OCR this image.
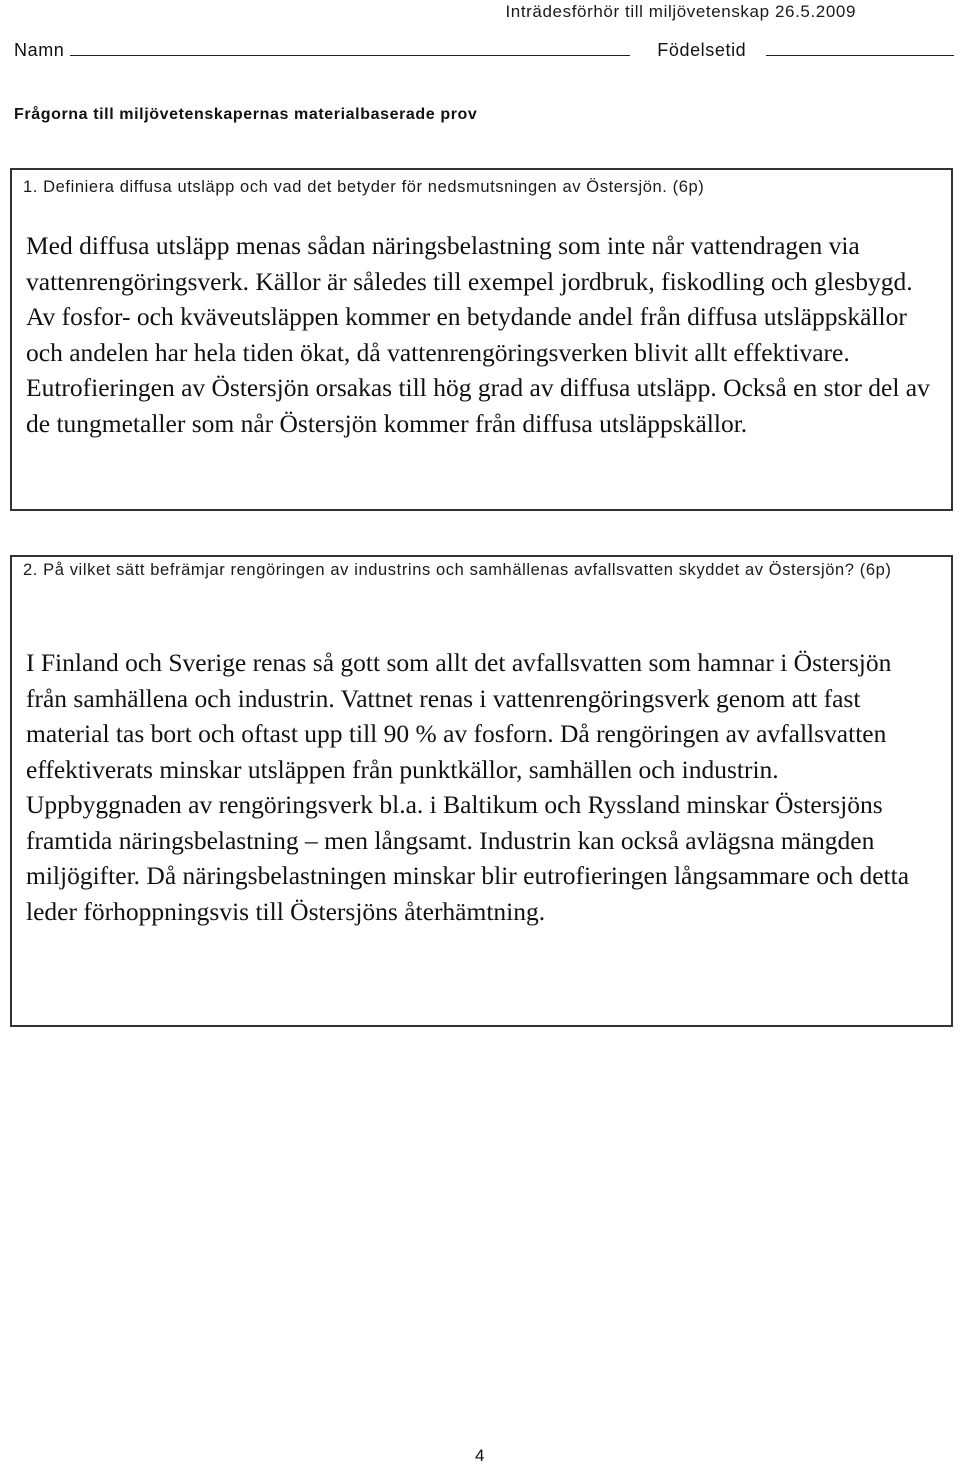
Inträdesförhör till miljövetenskap 26.5.2009
Namn	Födelsetid
Frågorna till miljövetenskapernas materialbaserade prov
1. Definiera diffusa utsläpp och vad det betyder för nedsmutsningen av Östersjön. (6p)
Med diffusa utsläpp menas sådan näringsbelastning som inte når vattendragen via vattenrengöringsverk. Källor är således till exempel jordbruk, fiskodling och glesbygd. Av fosfor- och kväveutsläppen kommer en betydande andel från diffusa utsläppskällor och andelen har hela tiden ökat, då vattenrengöringsverken blivit allt effektivare. Eutrofieringen av Östersjön orsakas till hög grad av diffusa utsläpp. Också en stor del av de tungmetaller som når Östersjön kommer från diffusa utsläppskällor.
2. På vilket sätt befrämjar rengöringen av industrins och samhällenas avfallsvatten skyddet av Östersjön? (6p)
I Finland och Sverige renas så gott som allt det avfallsvatten som hamnar i Östersjön från samhällena och industrin. Vattnet renas i vattenrengöringsverk genom att fast material tas bort och oftast upp till 90 % av fosforn. Då rengöringen av avfallsvatten effektiverats minskar utsläppen från punktkällor, samhällen och industrin. Uppbyggnaden av rengöringsverk bl.a. i Baltikum och Ryssland minskar Östersjöns framtida näringsbelastning – men långsamt. Industrin kan också avlägsna mängden miljögifter. Då näringsbelastningen minskar blir eutrofieringen långsammare och detta leder förhoppningsvis till Östersjöns återhämtning.
4
